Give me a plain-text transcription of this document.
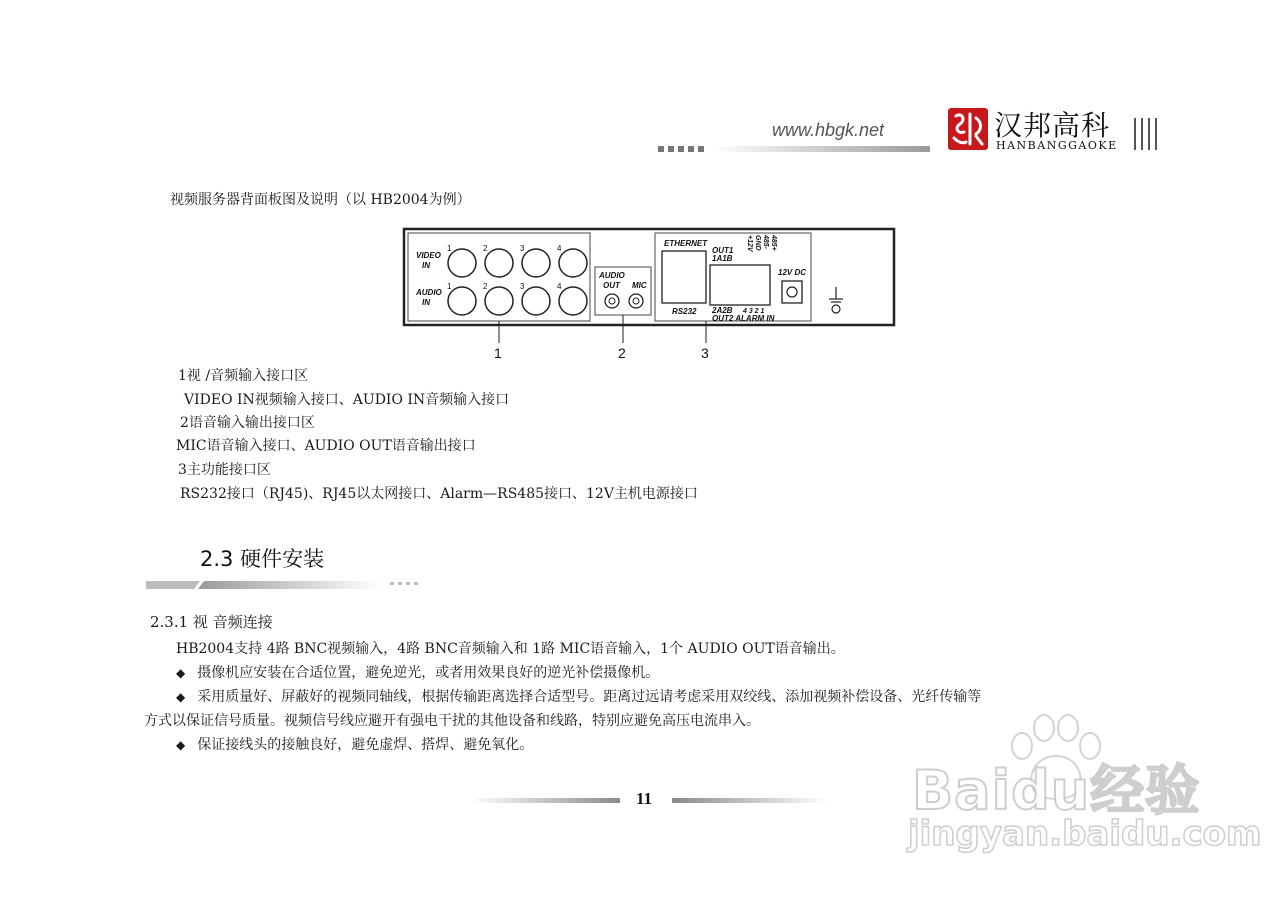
www.hbgk.net	汉邦高科
HANBANGGAOKE
视频服务器背面板图及说明（以 HB2004为例）
VIDEO
IN
AUDIO
IN
1	2	3	4
1	2	3	4
AUDIO
OUT MIC
ETHERNET
RS232
OUT1
1A1B
+12V GND 485- 485+
2A2B 4 3 2 1
OUT2 ALARM IN
12V DC
1	2	3
1视 /音频输入接口区
VIDEO IN视频输入接口、AUDIO IN音频输入接口
2语音输入输出接口区
MIC语音输入接口、AUDIO OUT语音输出接口
3主功能接口区
RS232接口（RJ45)、RJ45以太网接口、Alarm—RS485接口、12V主机电源接口
2.3 硬件安装
2.3.1 视 音频连接
HB2004支持 4路 BNC视频输入，4路 BNC音频输入和 1路 MIC语音输入，1个 AUDIO OUT语音输出。
◆ 摄像机应安装在合适位置，避免逆光，或者用效果良好的逆光补偿摄像机。
◆ 采用质量好、屏蔽好的视频同轴线，根据传输距离选择合适型号。距离过远请考虑采用双绞线、添加视频补偿设备、光纤传输等
方式以保证信号质量。视频信号线应避开有强电干扰的其他设备和线路，特别应避免高压电流串入。
◆ 保证接线头的接触良好，避免虚焊、搭焊、避免氧化。
11	Baidu经验
jingyan.baidu.com
